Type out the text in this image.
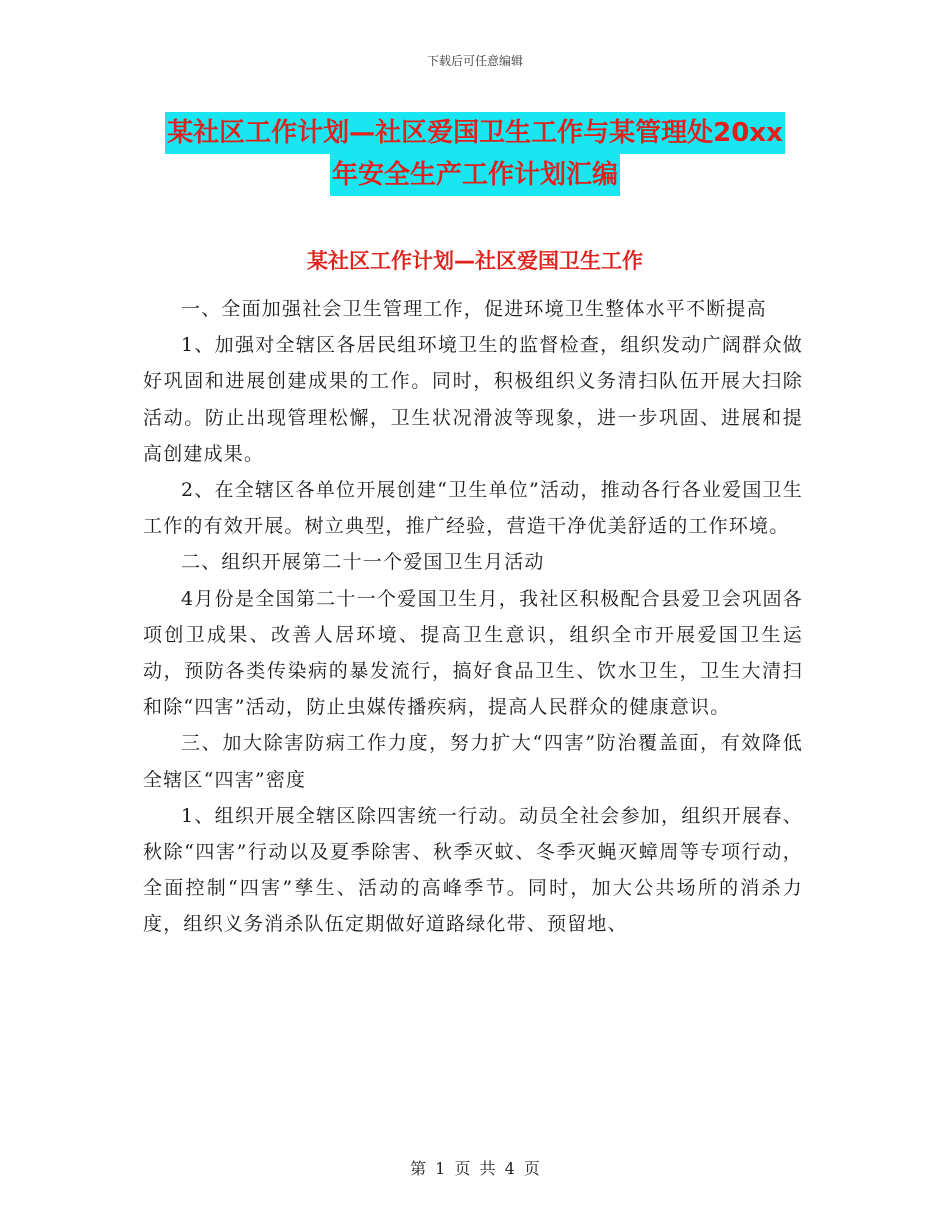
下载后可任意编辑
某社区工作计划—社区爱国卫生工作与某管理处20xx
年安全生产工作计划汇编
某社区工作计划—社区爱国卫生工作

一、全面加强社会卫生管理工作，促进环境卫生整体水平不断提高

1、加强对全辖区各居民组环境卫生的监督检查，组织发动广阔群众做好巩固和进展创建成果的工作。同时，积极组织义务清扫队伍开展大扫除活动。防止出现管理松懈，卫生状况滑波等现象，进一步巩固、进展和提高创建成果。

2、在全辖区各单位开展创建“卫生单位”活动，推动各行各业爱国卫生工作的有效开展。树立典型，推广经验，营造干净优美舒适的工作环境。

二、组织开展第二十一个爱国卫生月活动

4月份是全国第二十一个爱国卫生月，我社区积极配合县爱卫会巩固各项创卫成果、改善人居环境、提高卫生意识，组织全市开展爱国卫生运动，预防各类传染病的暴发流行，搞好食品卫生、饮水卫生，卫生大清扫和除“四害”活动，防止虫媒传播疾病，提高人民群众的健康意识。

三、加大除害防病工作力度，努力扩大“四害”防治覆盖面，有效降低全辖区“四害”密度

1、组织开展全辖区除四害统一行动。动员全社会参加，组织开展春、秋除“四害”行动以及夏季除害、秋季灭蚊、冬季灭蝇灭蟑周等专项行动，全面控制“四害”孳生、活动的高峰季节。同时，加大公共场所的消杀力度，组织义务消杀队伍定期做好道路绿化带、预留地、

第 1 页 共 4 页
